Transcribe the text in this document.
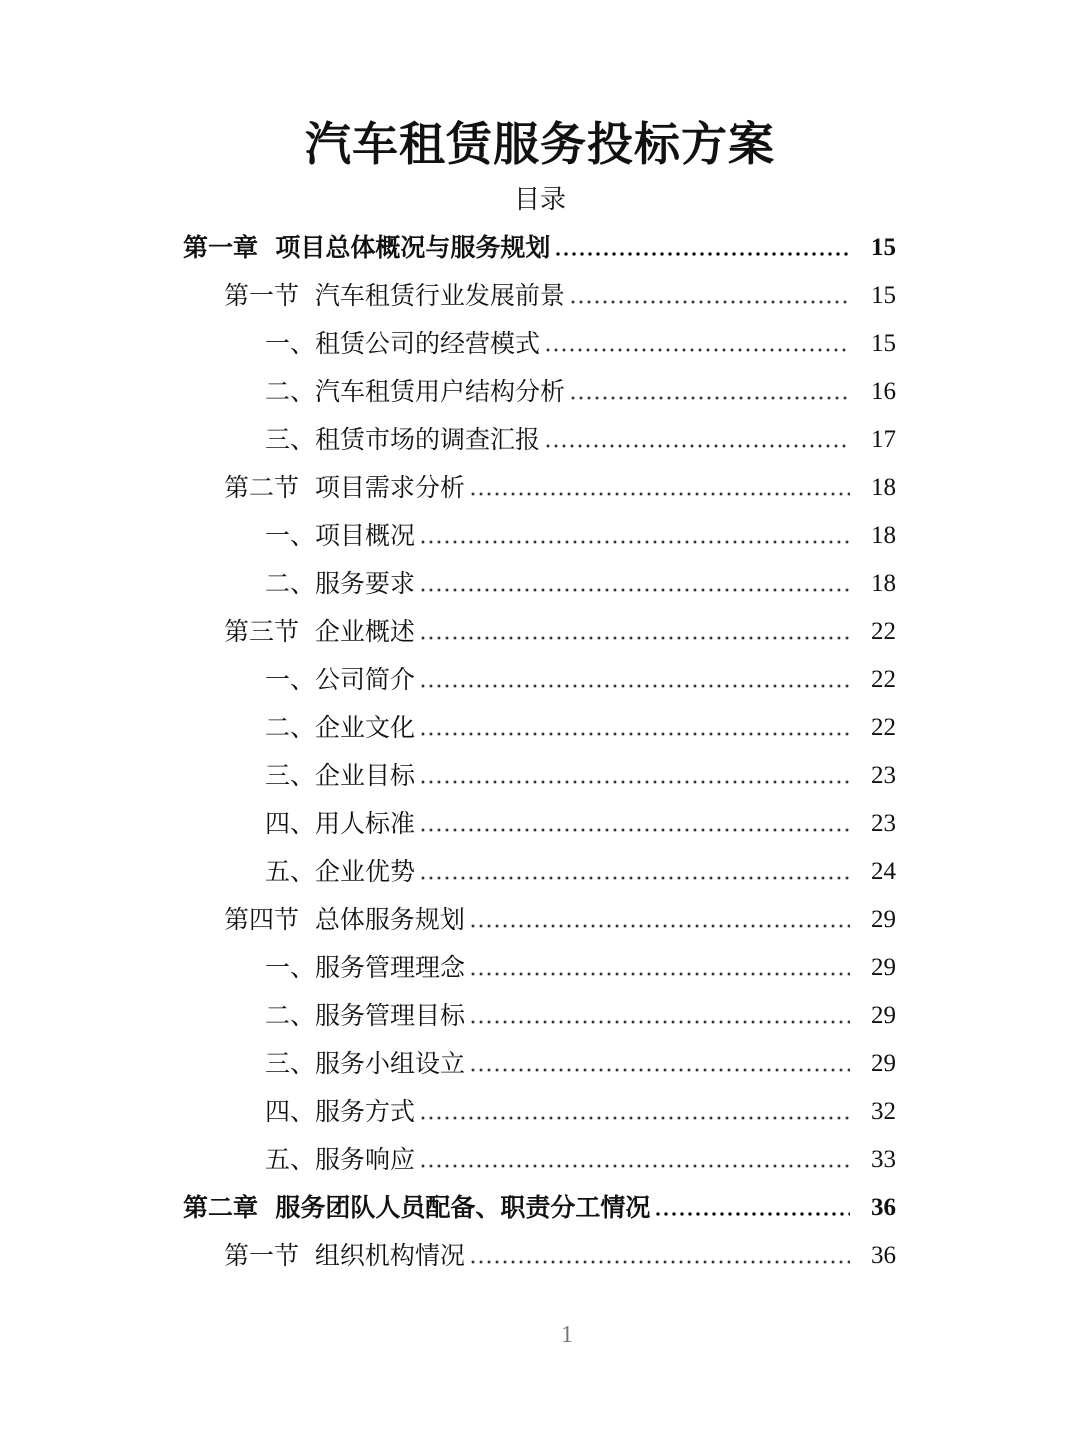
汽车租赁服务投标方案
目录
第一章  项目总体概况与服务规划	15
第一节  汽车租赁行业发展前景	15
一、租赁公司的经营模式	15
二、汽车租赁用户结构分析	16
三、租赁市场的调查汇报	17
第二节  项目需求分析	18
一、项目概况	18
二、服务要求	18
第三节  企业概述	22
一、公司简介	22
二、企业文化	22
三、企业目标	23
四、用人标准	23
五、企业优势	24
第四节  总体服务规划	29
一、服务管理理念	29
二、服务管理目标	29
三、服务小组设立	29
四、服务方式	32
五、服务响应	33
第二章  服务团队人员配备、职责分工情况	36
第一节  组织机构情况	36
1
